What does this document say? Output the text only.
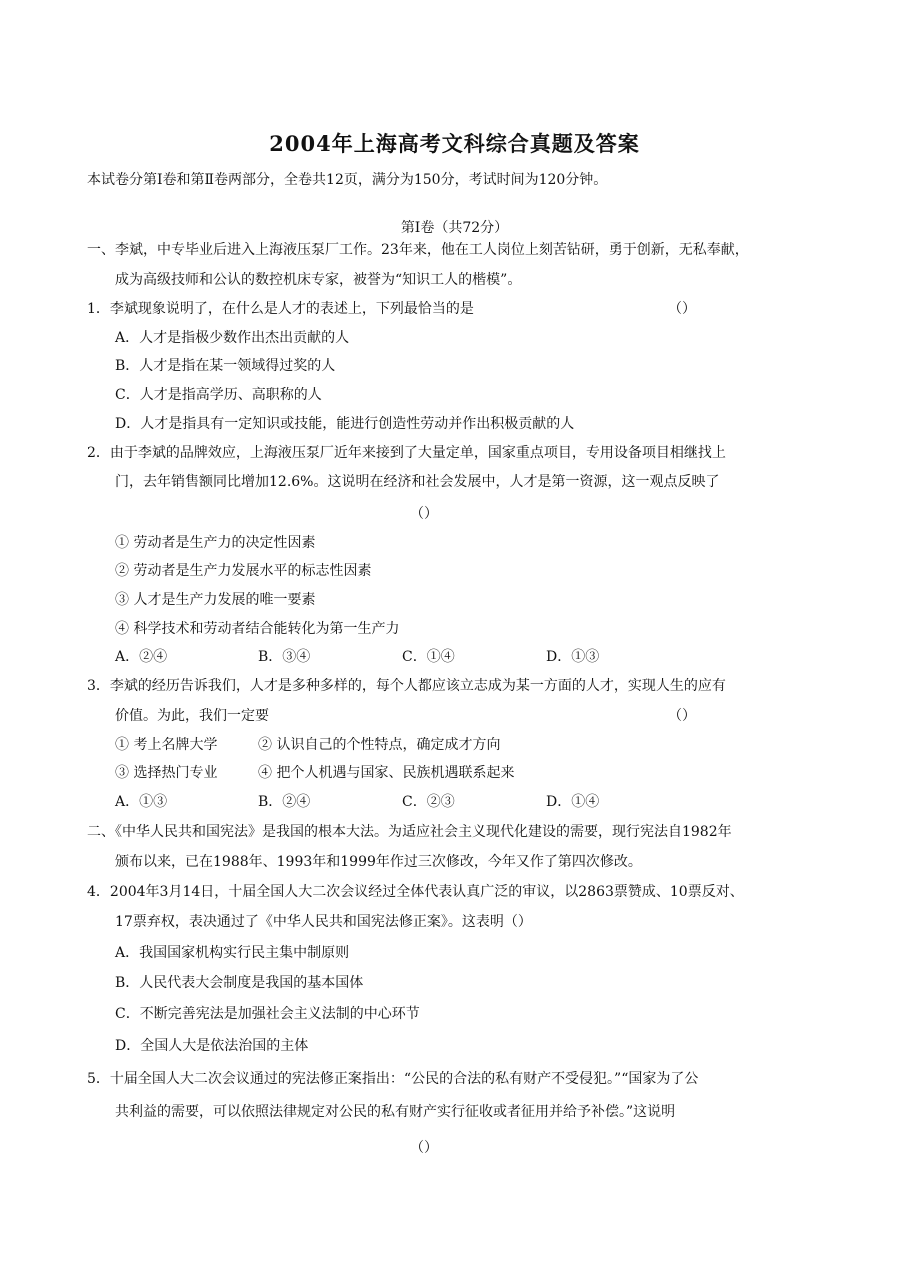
2004年上海高考文科综合真题及答案
本试卷分第Ⅰ卷和第Ⅱ卷两部分，全卷共12页，满分为150分，考试时间为120分钟。
第Ⅰ卷（共72分）
一、李斌，中专毕业后进入上海液压泵厂工作。23年来，他在工人岗位上刻苦钻研，勇于创新，无私奉献，
成为高级技师和公认的数控机床专家，被誉为“知识工人的楷模”。
1．李斌现象说明了，在什么是人才的表述上，下列最恰当的是	（）
A．人才是指极少数作出杰出贡献的人
B．人才是指在某一领域得过奖的人
C．人才是指高学历、高职称的人
D．人才是指具有一定知识或技能，能进行创造性劳动并作出积极贡献的人
2．由于李斌的品牌效应，上海液压泵厂近年来接到了大量定单，国家重点项目，专用设备项目相继找上
门，去年销售额同比增加12.6%。这说明在经济和社会发展中，人才是第一资源，这一观点反映了
（）
① 劳动者是生产力的决定性因素
② 劳动者是生产力发展水平的标志性因素
③ 人才是生产力发展的唯一要素
④ 科学技术和劳动者结合能转化为第一生产力
A．②④	B．③④	C．①④	D．①③
3．李斌的经历告诉我们，人才是多种多样的，每个人都应该立志成为某一方面的人才，实现人生的应有
价值。为此，我们一定要	（）
① 考上名牌大学	② 认识自己的个性特点，确定成才方向
③ 选择热门专业	④ 把个人机遇与国家、民族机遇联系起来
A．①③	B．②④	C．②③	D．①④
二、《中华人民共和国宪法》是我国的根本大法。为适应社会主义现代化建设的需要，现行宪法自1982年
颁布以来，已在1988年、1993年和1999年作过三次修改，今年又作了第四次修改。
4．2004年3月14日，十届全国人大二次会议经过全体代表认真广泛的审议，以2863票赞成、10票反对、
17票弃权，表决通过了《中华人民共和国宪法修正案》。这表明（）
A．我国国家机构实行民主集中制原则
B．人民代表大会制度是我国的基本国体
C．不断完善宪法是加强社会主义法制的中心环节
D．全国人大是依法治国的主体
5．十届全国人大二次会议通过的宪法修正案指出：“公民的合法的私有财产不受侵犯。”“国家为了公
共利益的需要，可以依照法律规定对公民的私有财产实行征收或者征用并给予补偿。”这说明
（）
